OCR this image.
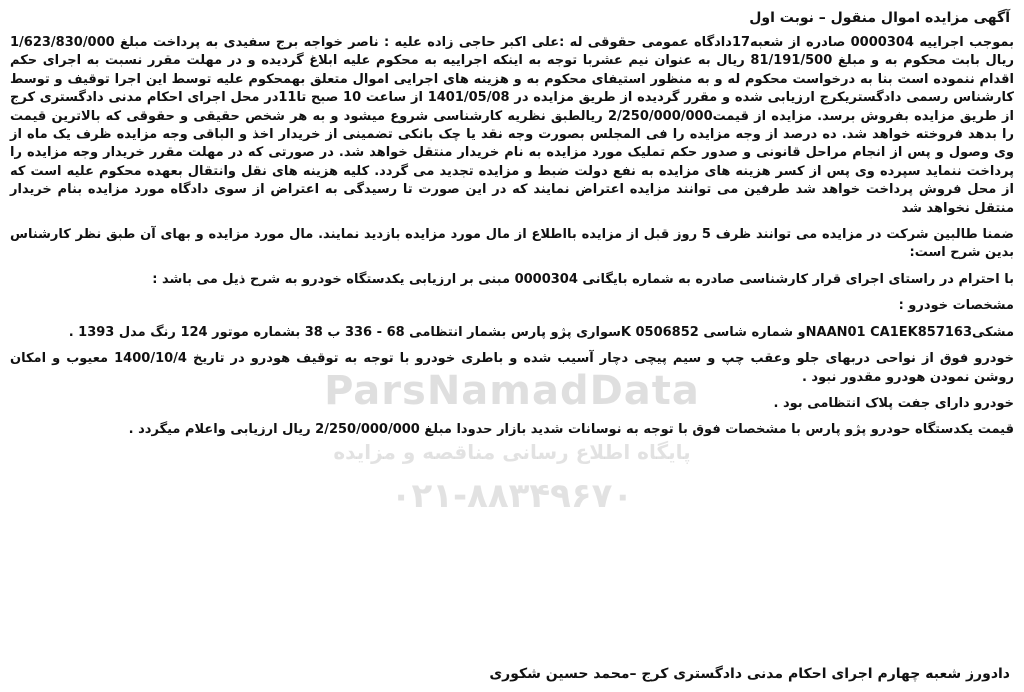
آگهی مزایده اموال منقول – نوبت اول
بموجب اجراییه 0000304 صادره از شعبه17دادگاه عمومی حقوقی له :علی اکبر حاجی زاده علیه : ناصر خواجه برج سفیدی به پرداخت مبلغ 1/623/830/000 ریال بابت محکوم به و مبلغ 81/191/500 ریال به عنوان نیم عشربا توجه به اینکه اجراییه به محکوم علیه ابلاغ گردیده و در مهلت مقرر نسبت به اجرای حکم اقدام ننموده است بنا به درخواست محکوم له و به منظور استیفای محکوم به و هزینه های اجرایی اموال متعلق بهمحکوم علیه توسط این اجرا توقیف و توسط کارشناس رسمی دادگستریکرج ارزیابی شده و مقرر گردیده از طریق مزایده در 1401/05/08 از ساعت 10 صبح تا11در محل اجرای احکام مدنی دادگستری کرج از طریق مزایده بفروش برسد. مزایده از قیمت2/250/000/000 ریالطبق نظریه کارشناسی شروع میشود و به هر شخص حقیقی و حقوقی که بالاترین قیمت را بدهد فروخته خواهد شد. ده درصد از وجه مزایده را فی المجلس بصورت وجه نقد یا چک بانکی تضمینی از خریدار اخذ و الباقی وجه مزایده ظرف یک ماه از وی وصول و پس از انجام مراحل قانونی و صدور حکم تملیک مورد مزایده به نام خریدار منتقل خواهد شد. در صورتی که در مهلت مقرر خریدار وجه مزایده را پرداخت ننماید سپرده وی پس از کسر هزینه های مزایده به نفع دولت ضبط و مزایده تجدید می گردد. کلیه هزینه های نقل وانتقال بعهده محکوم علیه است که از محل فروش پرداخت خواهد شد طرفین می توانند مزایده اعتراض نمایند که در این صورت تا رسیدگی به اعتراض از سوی دادگاه مورد مزایده بنام خریدار منتقل نخواهد شد
ضمنا طالبین شرکت در مزایده می توانند ظرف 5 روز قبل از مزایده بااطلاع از مال مورد مزایده بازدید نمایند. مال مورد مزایده و بهای آن طبق نظر کارشناس بدین شرح است:
با احترام در راستای اجرای قرار کارشناسی صادره به شماره بایگانی 0000304 مبنی بر ارزیابی یکدستگاه خودرو به شرح ذیل می باشد :
مشخصات خودرو :
مشکیNAAN01 CA1EK857163و شماره شاسی K 0506852سواری پژو پارس بشمار انتظامی 68 - 336 ب 38 بشماره موتور 124 رنگ مدل 1393 .
خودرو فوق از نواحی دربهای جلو وعقب چپ و سیم پیچی دچار آسیب شده و باطری خودرو با توجه به توقیف هودرو در تاریخ 1400/10/4 معیوب و امکان روشن نمودن هودرو مقدور نبود .
خودرو دارای جفت پلاک انتظامی بود .
قیمت یکدستگاه حودرو پژو پارس با مشخصات فوق با توجه به نوسانات شدید بازار حدودا مبلغ 2/250/000/000 ریال ارزیابی واعلام میگردد .
دادورز شعبه چهارم اجرای احکام مدنی دادگستری کرج –محمد حسین شکوری
ParsNamadData
پایگاه اطلاع رسانی مناقصه و مزایده
۰۲۱-۸۸۳۴۹۶۷۰
